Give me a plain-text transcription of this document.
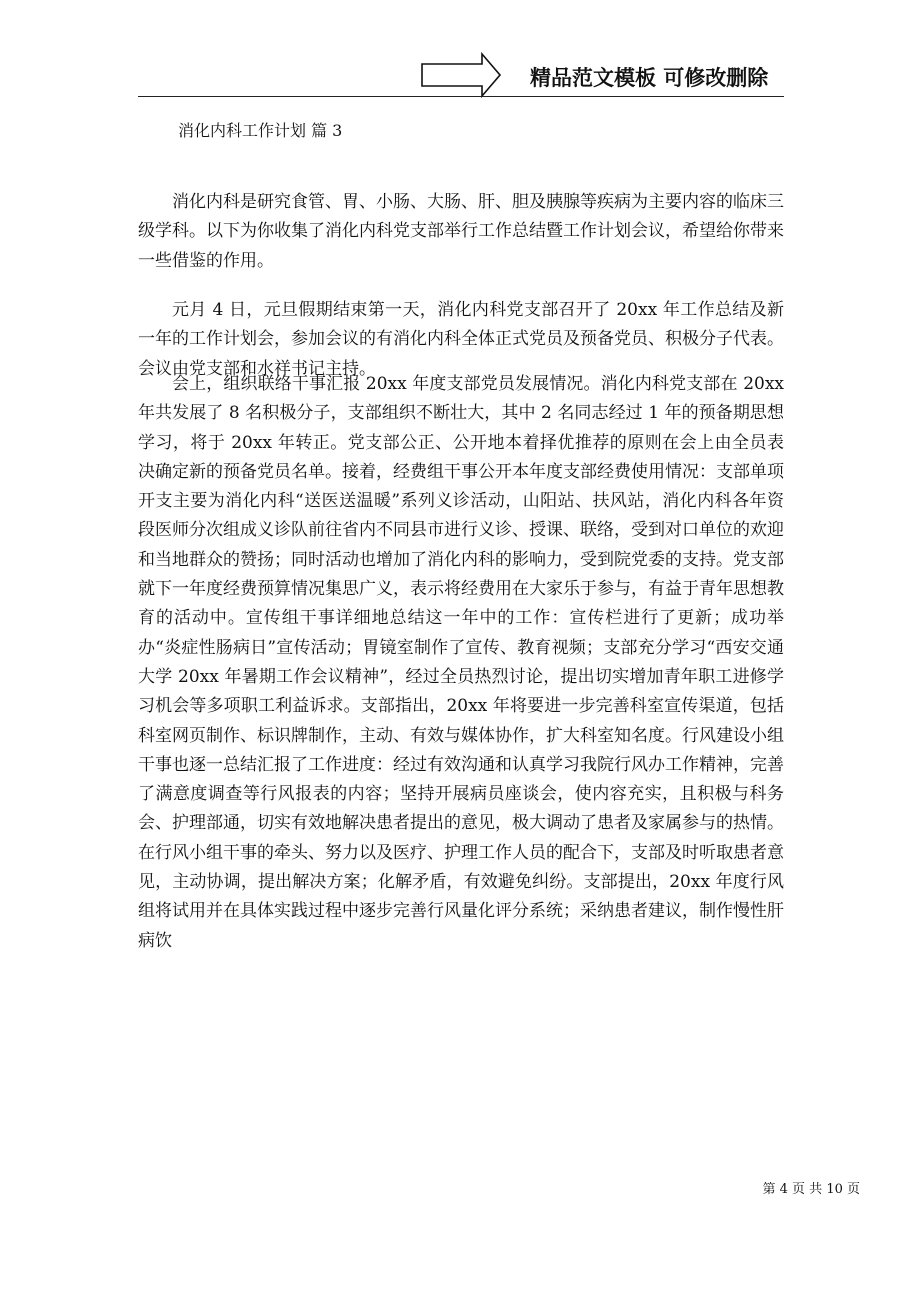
精品范文模板 可修改删除
消化内科工作计划 篇 3

消化内科是研究食管、胃、小肠、大肠、肝、胆及胰腺等疾病为主要内容的临床三级学科。以下为你收集了消化内科党支部举行工作总结暨工作计划会议，希望给你带来一些借鉴的作用。

元月 4 日，元旦假期结束第一天，消化内科党支部召开了 20xx 年工作总结及新一年的工作计划会，参加会议的有消化内科全体正式党员及预备党员、积极分子代表。会议由党支部和水祥书记主持。

会上，组织联络干事汇报 20xx 年度支部党员发展情况。消化内科党支部在 20xx 年共发展了 8 名积极分子，支部组织不断壮大，其中 2 名同志经过 1 年的预备期思想学习，将于 20xx 年转正。党支部公正、公开地本着择优推荐的原则在会上由全员表决确定新的预备党员名单。接着，经费组干事公开本年度支部经费使用情况：支部单项开支主要为消化内科“送医送温暖”系列义诊活动，山阳站、扶风站，消化内科各年资段医师分次组成义诊队前往省内不同县市进行义诊、授课、联络，受到对口单位的欢迎和当地群众的赞扬；同时活动也增加了消化内科的影响力，受到院党委的支持。党支部就下一年度经费预算情况集思广义，表示将经费用在大家乐于参与，有益于青年思想教育的活动中。宣传组干事详细地总结这一年中的工作：宣传栏进行了更新；成功举办“炎症性肠病日”宣传活动；胃镜室制作了宣传、教育视频；支部充分学习“西安交通大学 20xx 年暑期工作会议精神”，经过全员热烈讨论，提出切实增加青年职工进修学习机会等多项职工利益诉求。支部指出，20xx 年将要进一步完善科室宣传渠道，包括科室网页制作、标识牌制作，主动、有效与媒体协作，扩大科室知名度。行风建设小组干事也逐一总结汇报了工作进度：经过有效沟通和认真学习我院行风办工作精神，完善了满意度调查等行风报表的内容；坚持开展病员座谈会，使内容充实，且积极与科务会、护理部通，切实有效地解决患者提出的意见，极大调动了患者及家属参与的热情。在行风小组干事的牵头、努力以及医疗、护理工作人员的配合下，支部及时听取患者意见，主动协调，提出解决方案；化解矛盾，有效避免纠纷。支部提出，20xx 年度行风组将试用并在具体实践过程中逐步完善行风量化评分系统；采纳患者建议，制作慢性肝病饮

第 4 页 共 10 页
